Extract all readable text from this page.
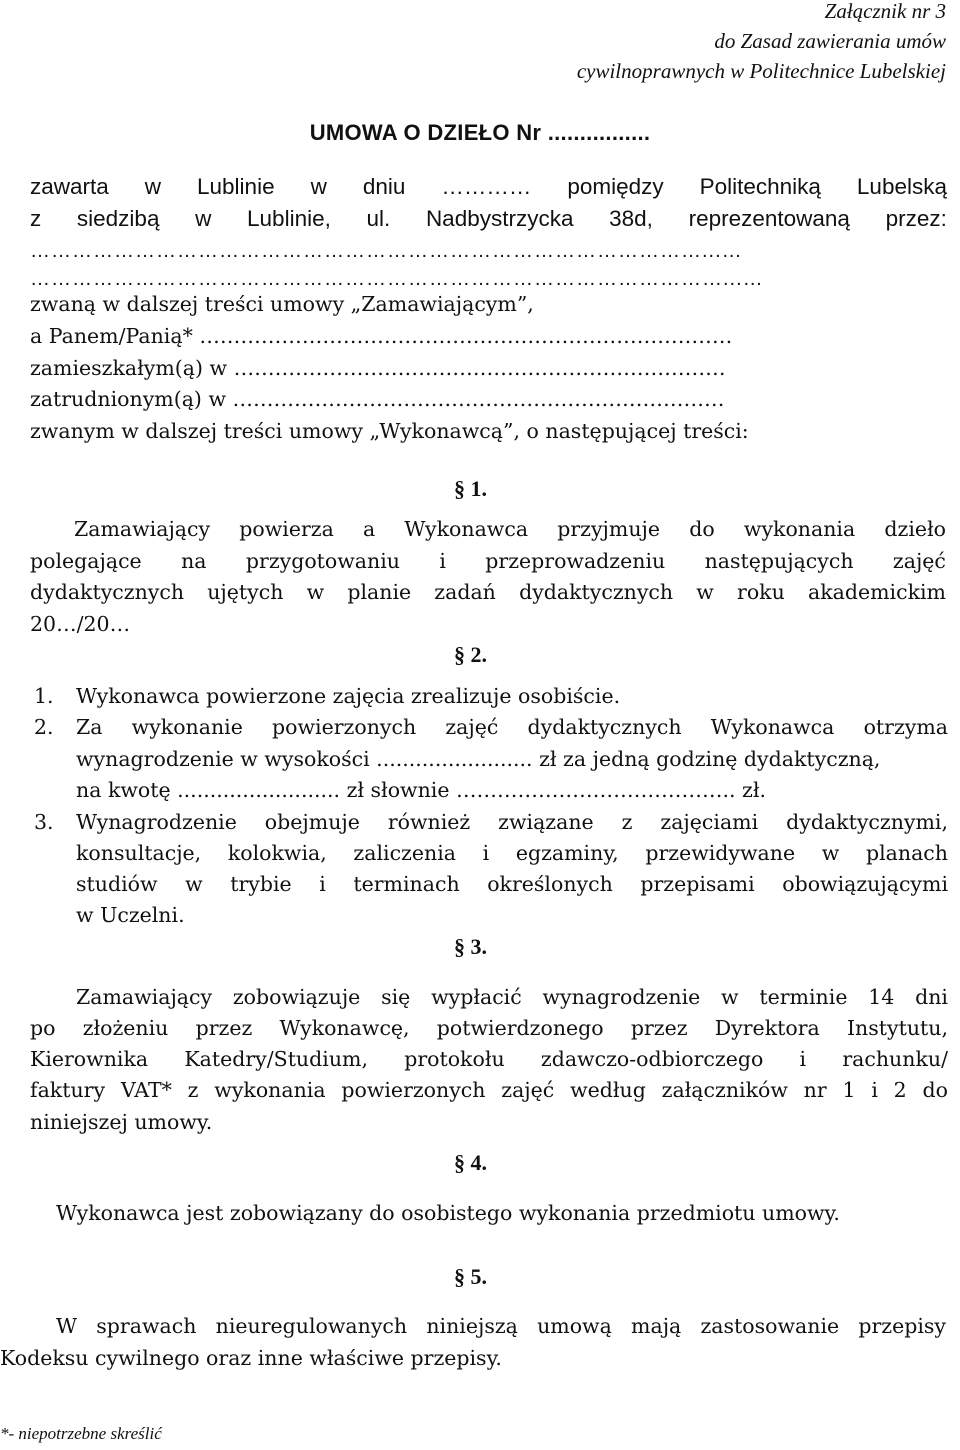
Załącznik nr 3
do Zasad zawierania umów
cywilnoprawnych w Politechnice Lubelskiej
UMOWA O DZIEŁO Nr ................
zawarta w Lublinie w dniu ………… pomiędzy Politechniką Lubelską
z siedzibą w Lublinie, ul. Nadbystrzycka 38d, reprezentowaną przez:
……………………………………………………………………………………...…
………………………………………………………………………………………...…
zwaną w dalszej treści umowy „Zamawiającym”,
a Panem/Panią* ……………………………………………………………………
zamieszkałym(ą) w ………………………………………………………………
zatrudnionym(ą) w ………………………………………………………………
zwanym w dalszej treści umowy „Wykonawcą”, o następującej treści:
§ 1.
Zamawiający powierza a Wykonawca przyjmuje do wykonania dzieło
polegające na przygotowaniu i przeprowadzeniu następujących zajęć
dydaktycznych ujętych w planie zadań dydaktycznych w roku akademickim
20…/20…
§ 2.
1. Wykonawca powierzone zajęcia zrealizuje osobiście.
2. Za wykonanie powierzonych zajęć dydaktycznych Wykonawca otrzyma
wynagrodzenie w wysokości ........................ zł za jedną godzinę dydaktyczną,
na kwotę ......................... zł słownie ………………………………….. zł.
3. Wynagrodzenie obejmuje również związane z zajęciami dydaktycznymi,
konsultacje, kolokwia, zaliczenia i egzaminy, przewidywane w planach
studiów w trybie i terminach określonych przepisami obowiązującymi
w Uczelni.
§ 3.
Zamawiający zobowiązuje się wypłacić wynagrodzenie w terminie 14 dni
po złożeniu przez Wykonawcę, potwierdzonego przez Dyrektora Instytutu,
Kierownika Katedry/Studium, protokołu zdawczo-odbiorczego i rachunku/
faktury VAT* z wykonania powierzonych zajęć według załączników nr 1 i 2 do
niniejszej umowy.
§ 4.
Wykonawca jest zobowiązany do osobistego wykonania przedmiotu umowy.
§ 5.
W sprawach nieuregulowanych niniejszą umową mają zastosowanie przepisy
Kodeksu cywilnego oraz inne właściwe przepisy.
*- niepotrzebne skreślić
